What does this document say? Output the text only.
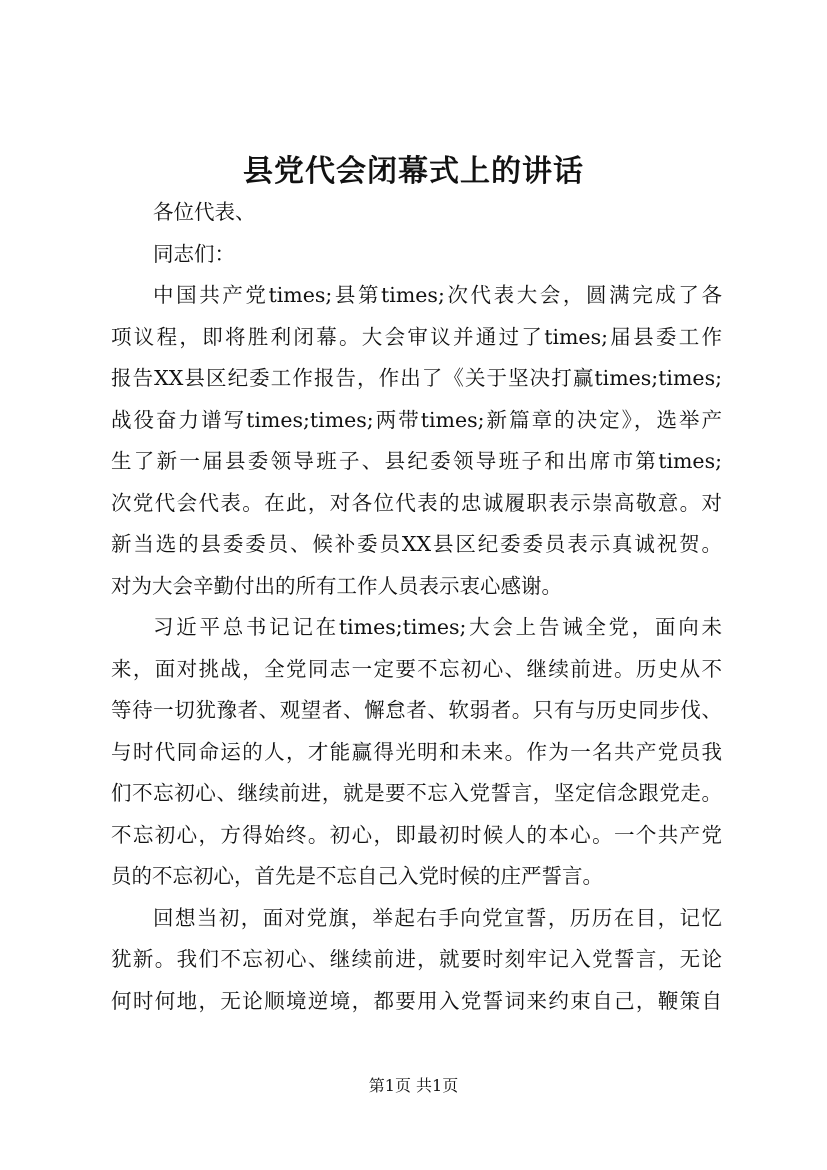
县党代会闭幕式上的讲话

各位代表、

同志们：

中国共产党times;县第times;次代表大会，圆满完成了各

项议程，即将胜利闭幕。大会审议并通过了times;届县委工作

报告XX县区纪委工作报告，作出了《关于坚决打赢times;times;

战役奋力谱写times;times;两带times;新篇章的决定》，选举产

生了新一届县委领导班子、县纪委领导班子和出席市第times;

次党代会代表。在此，对各位代表的忠诚履职表示崇高敬意。对

新当选的县委委员、候补委员XX县区纪委委员表示真诚祝贺。

对为大会辛勤付出的所有工作人员表示衷心感谢。

习近平总书记记在times;times;大会上告诫全党，面向未

来，面对挑战，全党同志一定要不忘初心、继续前进。历史从不

等待一切犹豫者、观望者、懈怠者、软弱者。只有与历史同步伐、

与时代同命运的人，才能赢得光明和未来。作为一名共产党员我

们不忘初心、继续前进，就是要不忘入党誓言，坚定信念跟党走。

不忘初心，方得始终。初心，即最初时候人的本心。一个共产党

员的不忘初心，首先是不忘自己入党时候的庄严誓言。

回想当初，面对党旗，举起右手向党宣誓，历历在目，记忆

犹新。我们不忘初心、继续前进，就要时刻牢记入党誓言，无论

何时何地，无论顺境逆境，都要用入党誓词来约束自己，鞭策自

第1页 共1页
